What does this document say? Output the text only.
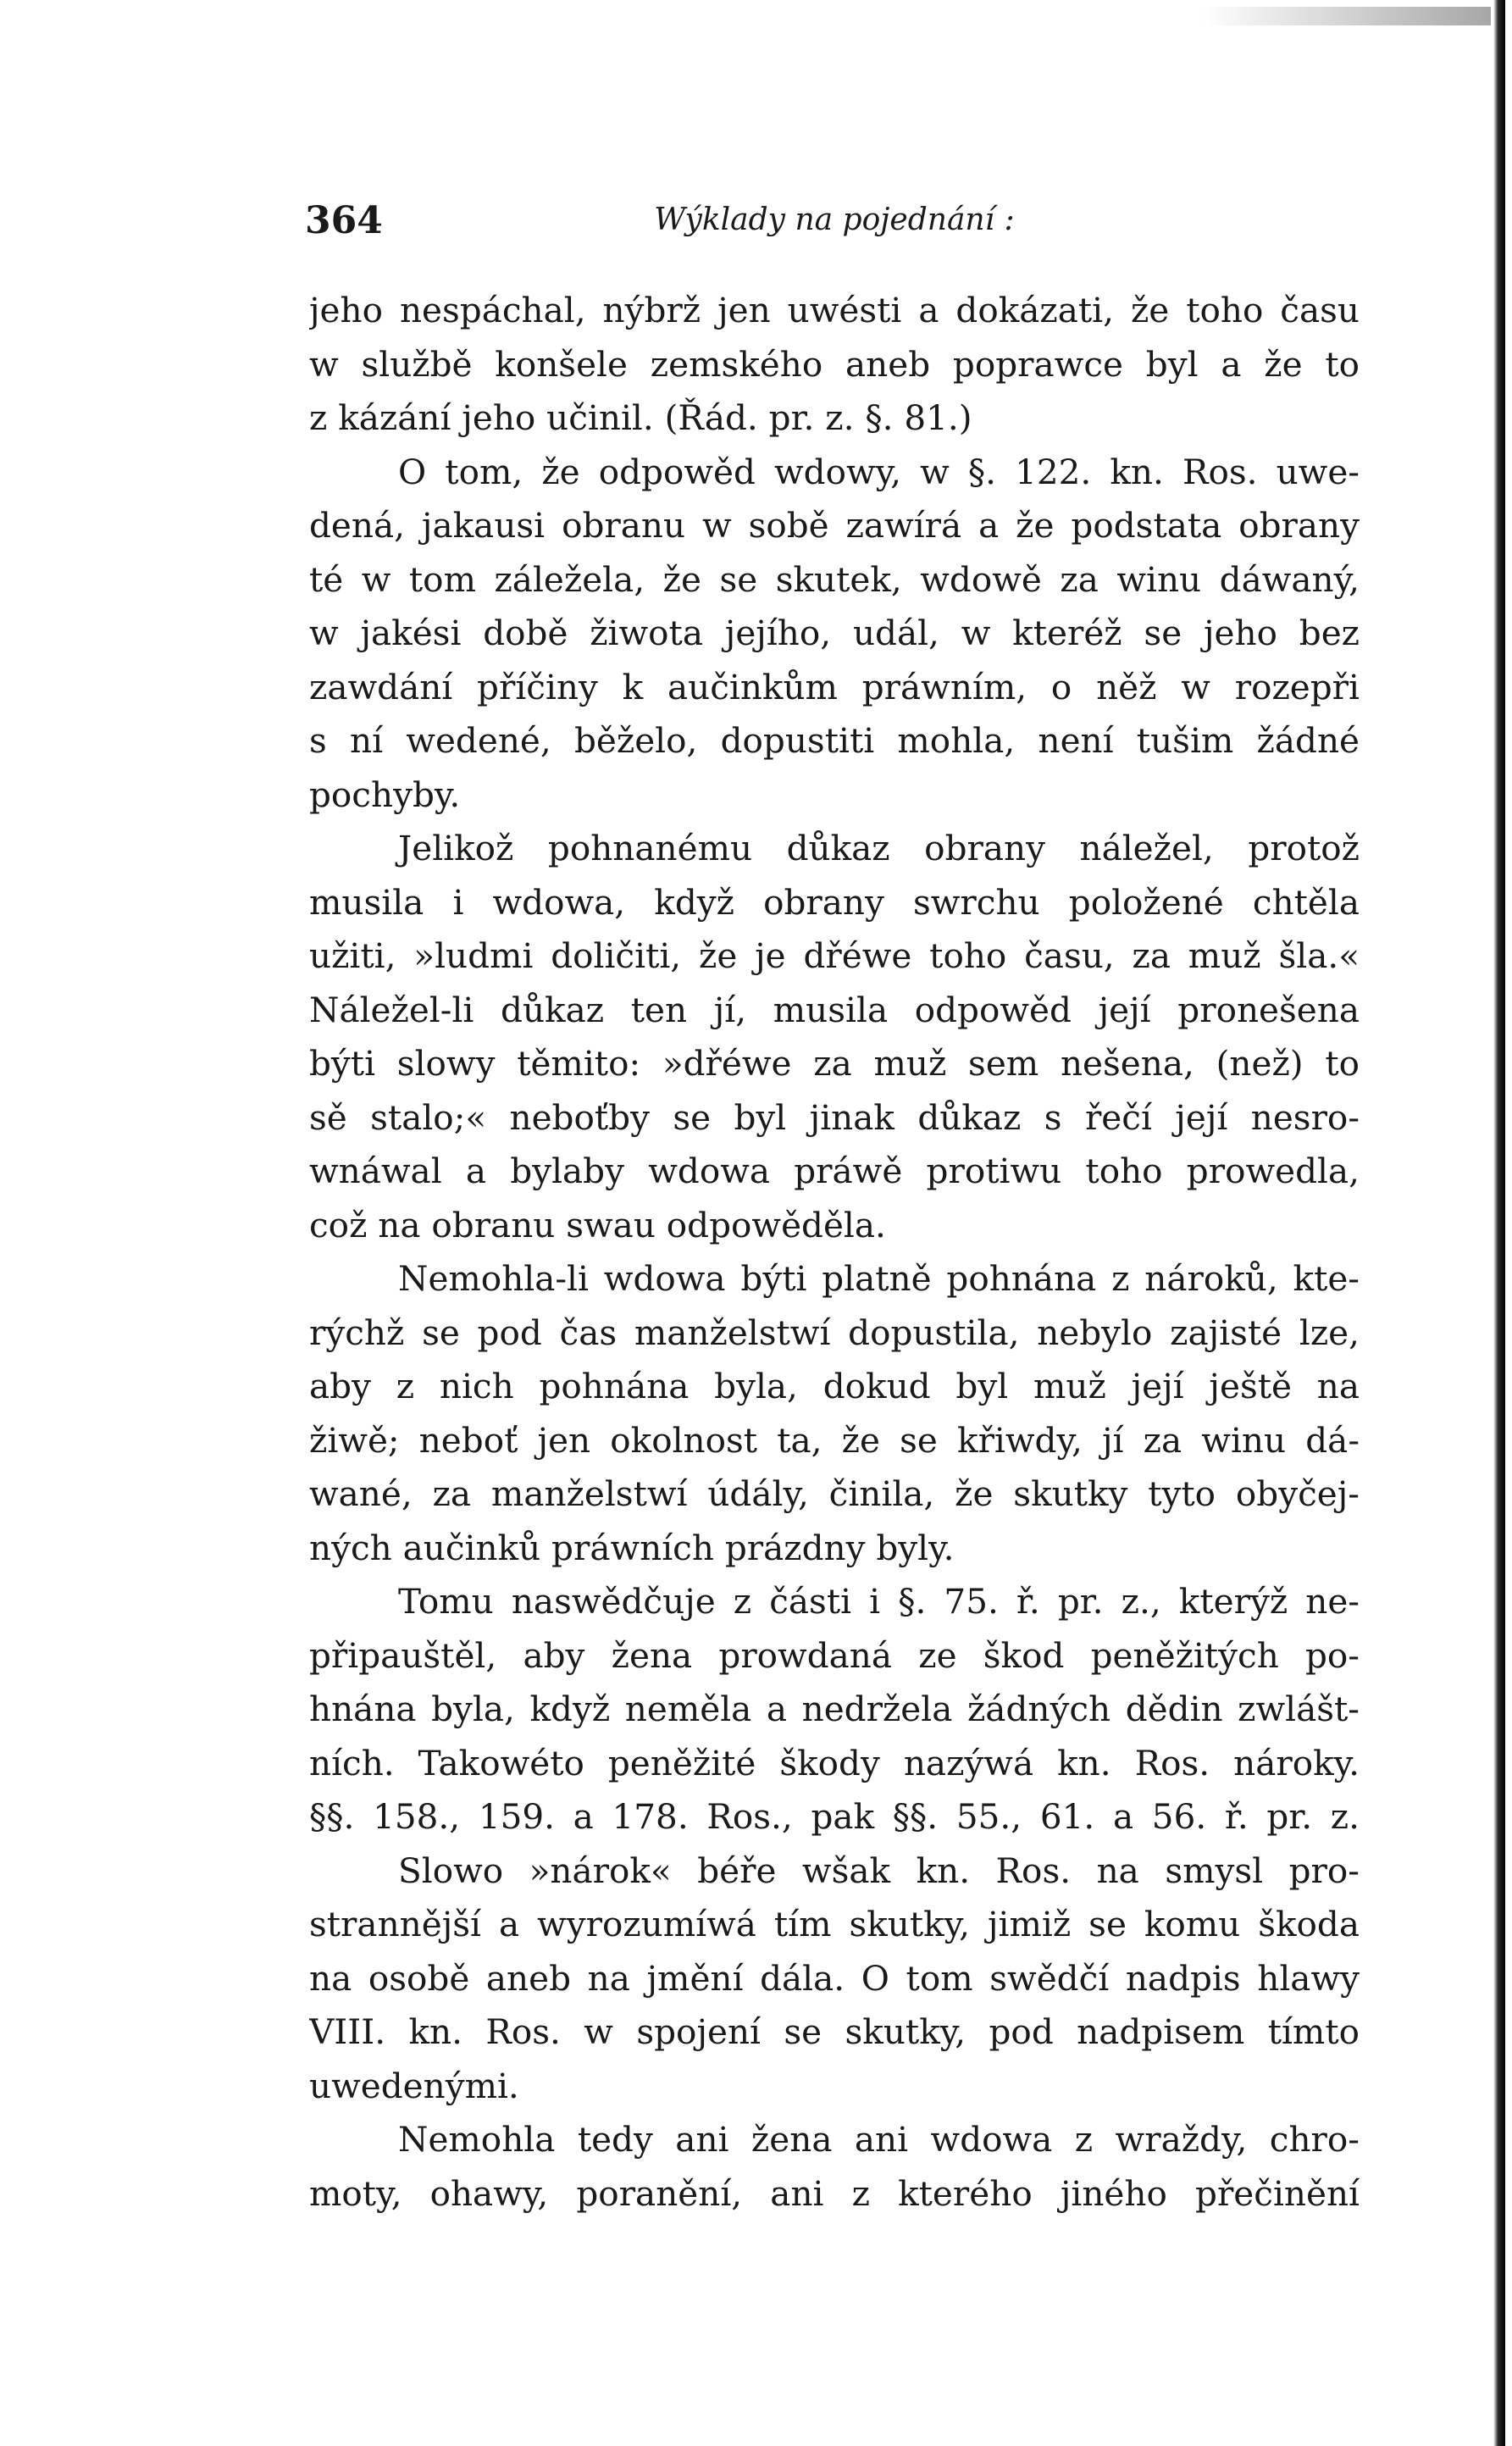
364	Wýklady na pojednání :
jeho nespáchal, nýbrž jen uwésti a dokázati, že toho času
w službě konšele zemského aneb poprawce byl a že to
z kázání jeho učinil. (Řád. pr. z. §. 81.)
O tom, že odpowěd wdowy, w §. 122. kn. Ros. uwe-
dená, jakausi obranu w sobě zawírá a že podstata obrany
té w tom záležela, že se skutek, wdowě za winu dáwaný,
w jakési době žiwota jejího, udál, w kteréž se jeho bez
zawdání příčiny k aučinkům práwním, o něž w rozepři
s ní wedené, běželo, dopustiti mohla, není tušim žádné
pochyby.
Jelikož pohnanému důkaz obrany náležel, protož
musila i wdowa, když obrany swrchu položené chtěla
užiti, »ludmi doličiti, že je dřéwe toho času, za muž šla.«
Náležel-li důkaz ten jí, musila odpowěd její pronešena
býti slowy těmito: »dřéwe za muž sem nešena, (než) to
sě stalo;« neboťby se byl jinak důkaz s řečí její nesro-
wnáwal a bylaby wdowa práwě protiwu toho prowedla,
což na obranu swau odpowěděla.
Nemohla-li wdowa býti platně pohnána z nároků, kte-
rýchž se pod čas manželstwí dopustila, nebylo zajisté lze,
aby z nich pohnána byla, dokud byl muž její ještě na
žiwě; neboť jen okolnost ta, že se křiwdy, jí za winu dá-
wané, za manželstwí údály, činila, že skutky tyto obyčej-
ných aučinků práwních prázdny byly.
Tomu naswědčuje z části i §. 75. ř. pr. z., kterýž ne-
připauštěl, aby žena prowdaná ze škod peněžitých po-
hnána byla, když neměla a nedržela žádných dědin zwlášt-
ních. Takowéto peněžité škody nazýwá kn. Ros. nároky.
§§. 158., 159. a 178. Ros., pak §§. 55., 61. a 56. ř. pr. z.
Slowo »nárok« béře wšak kn. Ros. na smysl pro-
strannější a wyrozumíwá tím skutky, jimiž se komu škoda
na osobě aneb na jmění dála. O tom swědčí nadpis hlawy
VIII. kn. Ros. w spojení se skutky, pod nadpisem tímto
uwedenými.
Nemohla tedy ani žena ani wdowa z wraždy, chro-
moty, ohawy, poranění, ani z kterého jiného přečinění
